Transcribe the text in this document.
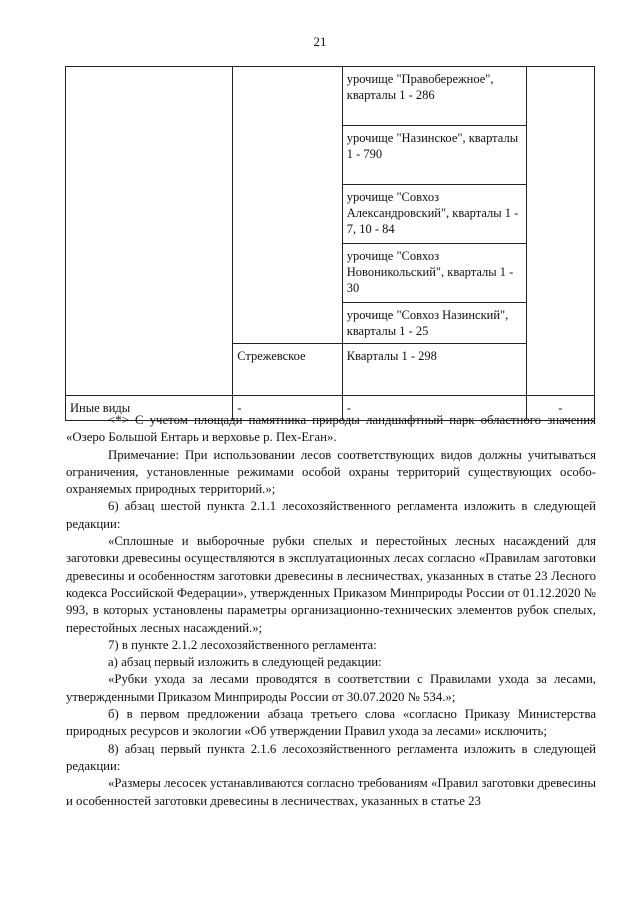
21
		урочище "Правобережное", кварталы 1 - 286	
		урочище "Назинское", кварталы 1 - 790	
		урочище "Совхоз Александровский", кварталы 1 - 7, 10 - 84	
		урочище "Совхоз Новоникольский", кварталы 1 - 30	
		урочище "Совхоз Назинский", кварталы 1 - 25	
	Стрежевское	Кварталы 1 - 298	
Иные виды	-	-	-

<*> С учетом площади памятника природы ландшафтный парк областного значения «Озеро Большой Ентарь и верховье р. Пех-Еган».

Примечание: При использовании лесов соответствующих видов должны учитываться ограничения, установленные режимами особой охраны территорий существующих особо-охраняемых природных территорий.»;

6) абзац шестой пункта 2.1.1 лесохозяйственного регламента изложить в следующей редакции:

«Сплошные и выборочные рубки спелых и перестойных лесных насаждений для заготовки древесины осуществляются в эксплуатационных лесах согласно «Правилам заготовки древесины и особенностям заготовки древесины в лесничествах, указанных в статье 23 Лесного кодекса Российской Федерации», утвержденных Приказом Минприроды России от 01.12.2020 № 993, в которых установлены параметры организационно-технических элементов рубок спелых, перестойных лесных насаждений.»;

7) в пункте 2.1.2 лесохозяйственного регламента:

а) абзац первый изложить в следующей редакции:

«Рубки ухода за лесами проводятся в соответствии с Правилами ухода за лесами, утвержденными Приказом Минприроды России от 30.07.2020 № 534.»;

б) в первом предложении абзаца третьего слова «согласно Приказу Министерства природных ресурсов и экологии «Об утверждении Правил ухода за лесами» исключить;

8) абзац первый пункта 2.1.6 лесохозяйственного регламента изложить в следующей редакции:

«Размеры лесосек устанавливаются согласно требованиям «Правил заготовки древесины и особенностей заготовки древесины в лесничествах, указанных в статье 23
